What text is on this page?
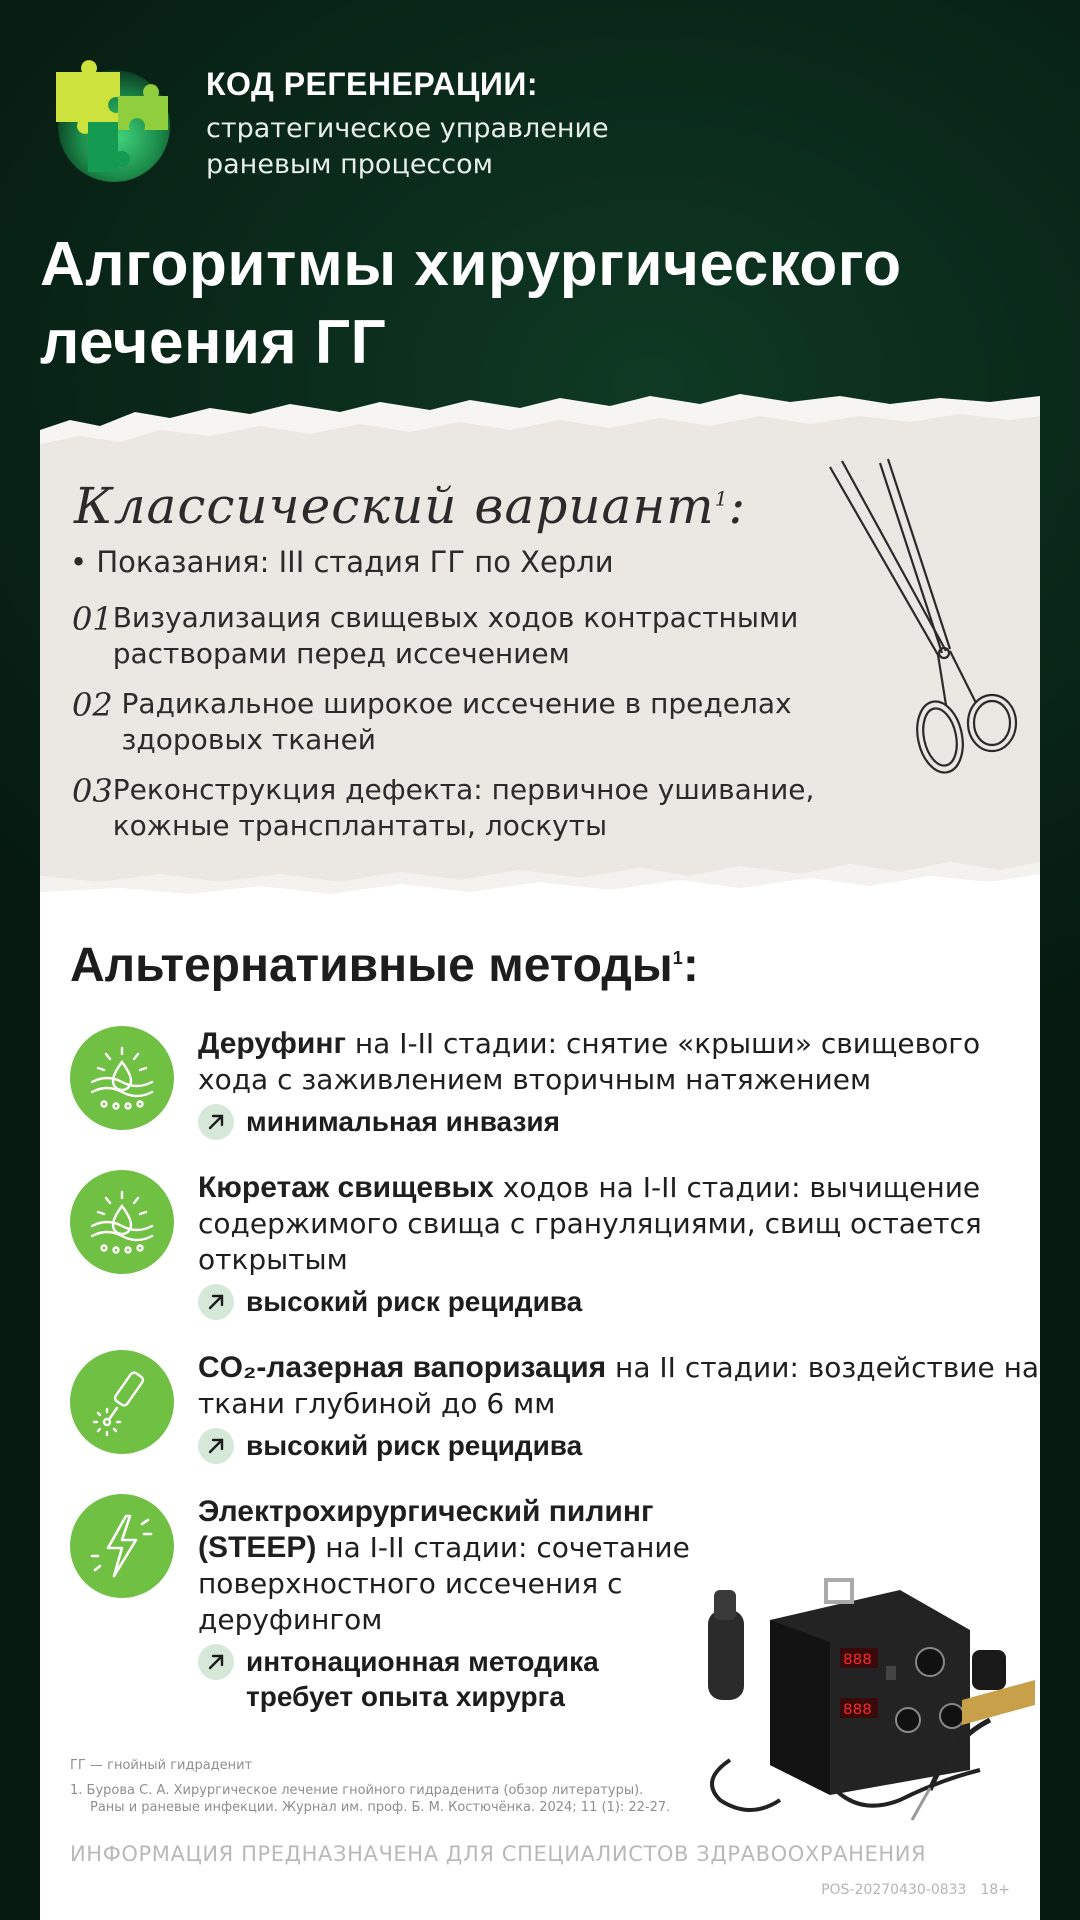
КОД РЕГЕНЕРАЦИИ:
стратегическое управление
раневым процессом
Алгоритмы хирургического
лечения ГГ
Классический вариант$^1$:
• Показания: III стадия ГГ по Херли
01 Визуализация свищевых ходов контрастными растворами перед иссечением
02 Радикальное широкое иссечение в пределах здоровых тканей
03 Реконструкция дефекта: первичное ушивание, кожные трансплантаты, лоскуты
Альтернативные методы$^1$:
Деруфинг на I-II стадии: снятие «крыши» свищевого хода с заживлением вторичным натяжением
минимальная инвазия
Кюретаж свищевых ходов на I-II стадии: вычищение содержимого свища с грануляциями, свищ остается открытым
высокий риск рецидива
CO₂-лазерная вапоризация на II стадии: воздействие на ткани глубиной до 6 мм
высокий риск рецидива
Электрохирургический пилинг (STEEP) на I-II стадии: сочетание поверхностного иссечения с деруфингом
интонационная методика
требует опыта хирурга
888
888
ГГ — гнойный гидраденит
1. Бурова С. А. Хирургическое лечение гнойного гидраденита (обзор литературы).
Раны и раневые инфекции. Журнал им. проф. Б. М. Костючёнка. 2024; 11 (1): 22-27.
ИНФОРМАЦИЯ ПРЕДНАЗНАЧЕНА ДЛЯ СПЕЦИАЛИСТОВ ЗДРАВООХРАНЕНИЯ
POS-20270430-0833 18+
